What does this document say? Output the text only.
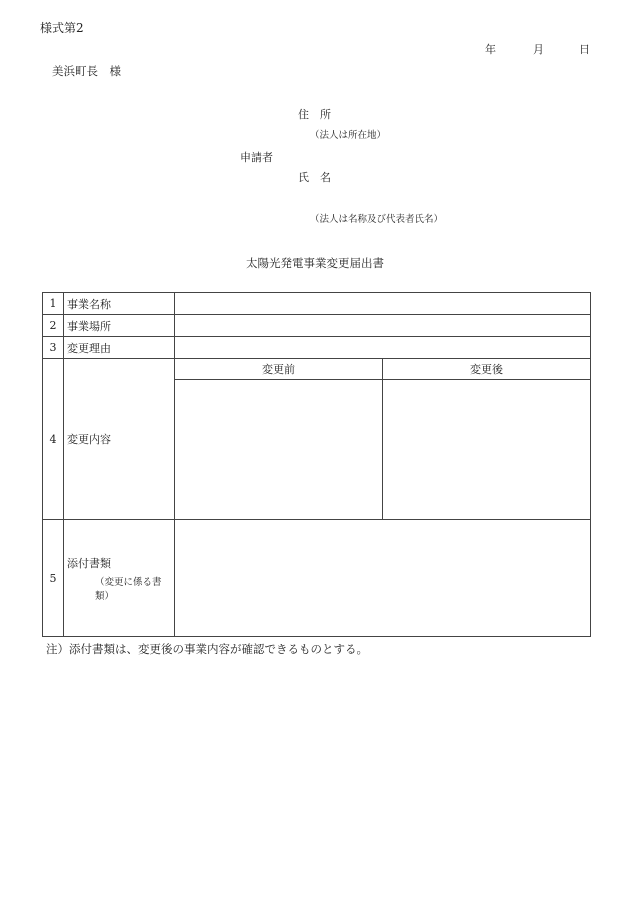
様式第2
年	月	日
美浜町長　様
住　所
（法人は所在地）
申請者
氏　名
（法人は名称及び代表者氏名）
太陽光発電事業変更届出書
1	事業名称		
2	事業場所		
3	変更理由		
4	変更内容	変更前	変更後

5	添付書類
（変更に係る書類）		

注）添付書類は、変更後の事業内容が確認できるものとする。
